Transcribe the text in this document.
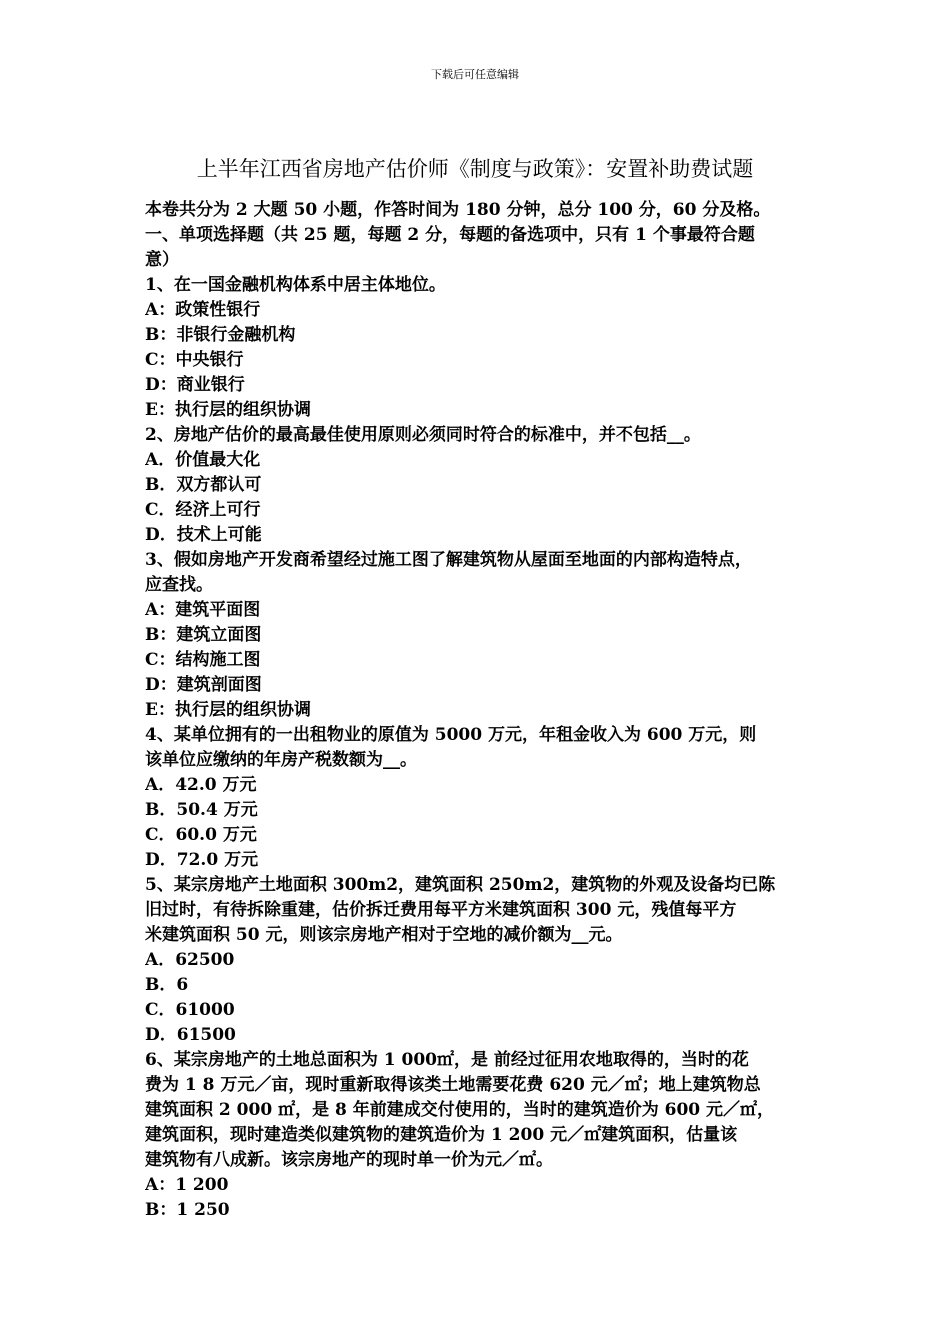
下载后可任意编辑
上半年江西省房地产估价师《制度与政策》：安置补助费试题
本卷共分为 2 大题 50 小题，作答时间为 180 分钟，总分 100 分，60 分及格。
一、单项选择题（共 25 题，每题 2 分，每题的备选项中，只有 1 个事最符合题
意）
1、在一国金融机构体系中居主体地位。
A：政策性银行
B：非银行金融机构
C：中央银行
D：商业银行
E：执行层的组织协调
2、房地产估价的最高最佳使用原则必须同时符合的标准中，并不包括__。
A．价值最大化
B．双方都认可
C．经济上可行
D．技术上可能
3、假如房地产开发商希望经过施工图了解建筑物从屋面至地面的内部构造特点，
应查找。
A：建筑平面图
B：建筑立面图
C：结构施工图
D：建筑剖面图
E：执行层的组织协调
4、某单位拥有的一出租物业的原值为 5000 万元，年租金收入为 600 万元，则
该单位应缴纳的年房产税数额为__。
A．42.0 万元
B．50.4 万元
C．60.0 万元
D．72.0 万元
5、某宗房地产土地面积 300m2，建筑面积 250m2，建筑物的外观及设备均已陈
旧过时，有待拆除重建，估价拆迁费用每平方米建筑面积 300 元，残值每平方
米建筑面积 50 元，则该宗房地产相对于空地的减价额为__元。
A．62500
B．6
C．61000
D．61500
6、某宗房地产的土地总面积为 1 000㎡，是 前经过征用农地取得的，当时的花
费为 1 8 万元／亩，现时重新取得该类土地需要花费 620 元／㎡；地上建筑物总
建筑面积 2 000 ㎡，是 8 年前建成交付使用的，当时的建筑造价为 600 元／㎡，
建筑面积，现时建造类似建筑物的建筑造价为 1 200 元／㎡建筑面积，估量该
建筑物有八成新。该宗房地产的现时单一价为元／㎡。
A：1 200
B：1 250
